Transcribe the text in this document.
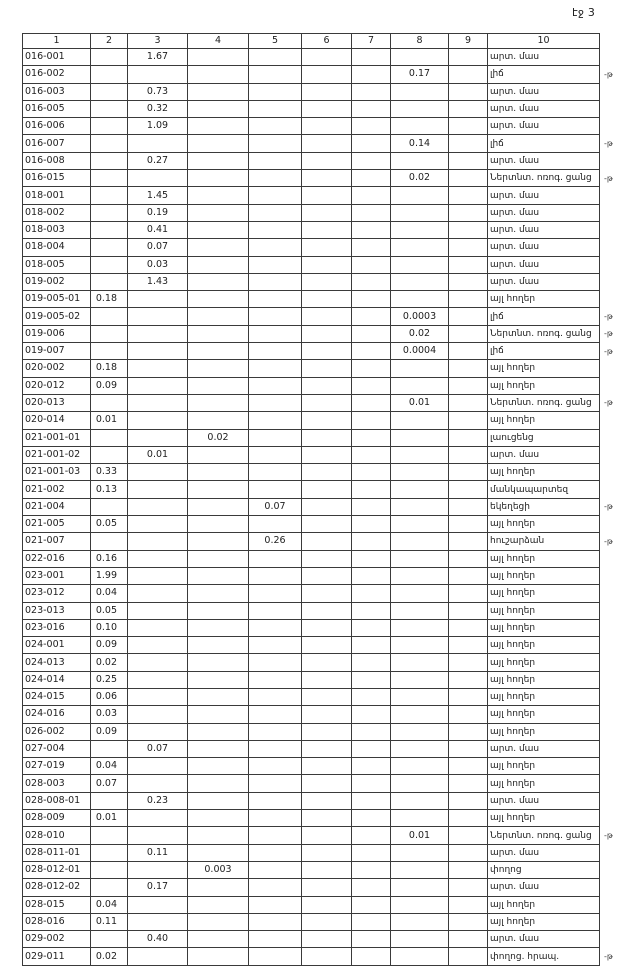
էջ 3
1	2	3	4	5	6	7	8	9	10
016-001		1.67							արտ. մաս
016-002							0.17		լիճ
016-003		0.73							արտ. մաս
016-005		0.32							արտ. մաս
016-006		1.09							արտ. մաս
016-007							0.14		լիճ
016-008		0.27							արտ. մաս
016-015							0.02		Ներտնտ. ոռոգ. ցանց
018-001		1.45							արտ. մաս
018-002		0.19							արտ. մաս
018-003		0.41							արտ. մաս
018-004		0.07							արտ. մաս
018-005		0.03							արտ. մաս
019-002		1.43							արտ. մաս
019-005-01	0.18								այլ հողեր
019-005-02							0.0003		լիճ
019-006							0.02		Ներտնտ. ոռոգ. ցանց
019-007							0.0004		լիճ
020-002	0.18								այլ հողեր
020-012	0.09								այլ հողեր
020-013							0.01		Ներտնտ. ոռոգ. ցանց
020-014	0.01								այլ հողեր
021-001-01			0.02						լաուցենց
021-001-02		0.01							արտ. մաս
021-001-03	0.33								այլ հողեր
021-002	0.13								մանկապարտեզ
021-004				0.07					եկեղեցի
021-005	0.05								այլ հողեր
021-007				0.26					հուշարձան
022-016	0.16								այլ հողեր
023-001	1.99								այլ հողեր
023-012	0.04								այլ հողեր
023-013	0.05								այլ հողեր
023-016	0.10								այլ հողեր
024-001	0.09								այլ հողեր
024-013	0.02								այլ հողեր
024-014	0.25								այլ հողեր
024-015	0.06								այլ հողեր
024-016	0.03								այլ հողեր
026-002	0.09								այլ հողեր
027-004		0.07							արտ. մաս
027-019	0.04								այլ հողեր
028-003	0.07								այլ հողեր
028-008-01		0.23							արտ. մաս
028-009	0.01								այլ հողեր
028-010							0.01		Ներտնտ. ոռոգ. ցանց
028-011-01		0.11							արտ. մաս
028-012-01			0.003						փողոց
028-012-02		0.17							արտ. մաս
028-015	0.04								այլ հողեր
028-016	0.11								այլ հողեր
029-002		0.40							արտ. մաս
029-011	0.02								փողոց. հրապ.
-թ
-թ
-թ
-թ
-թ
-թ
-թ
-թ
-թ
-թ
-թ
